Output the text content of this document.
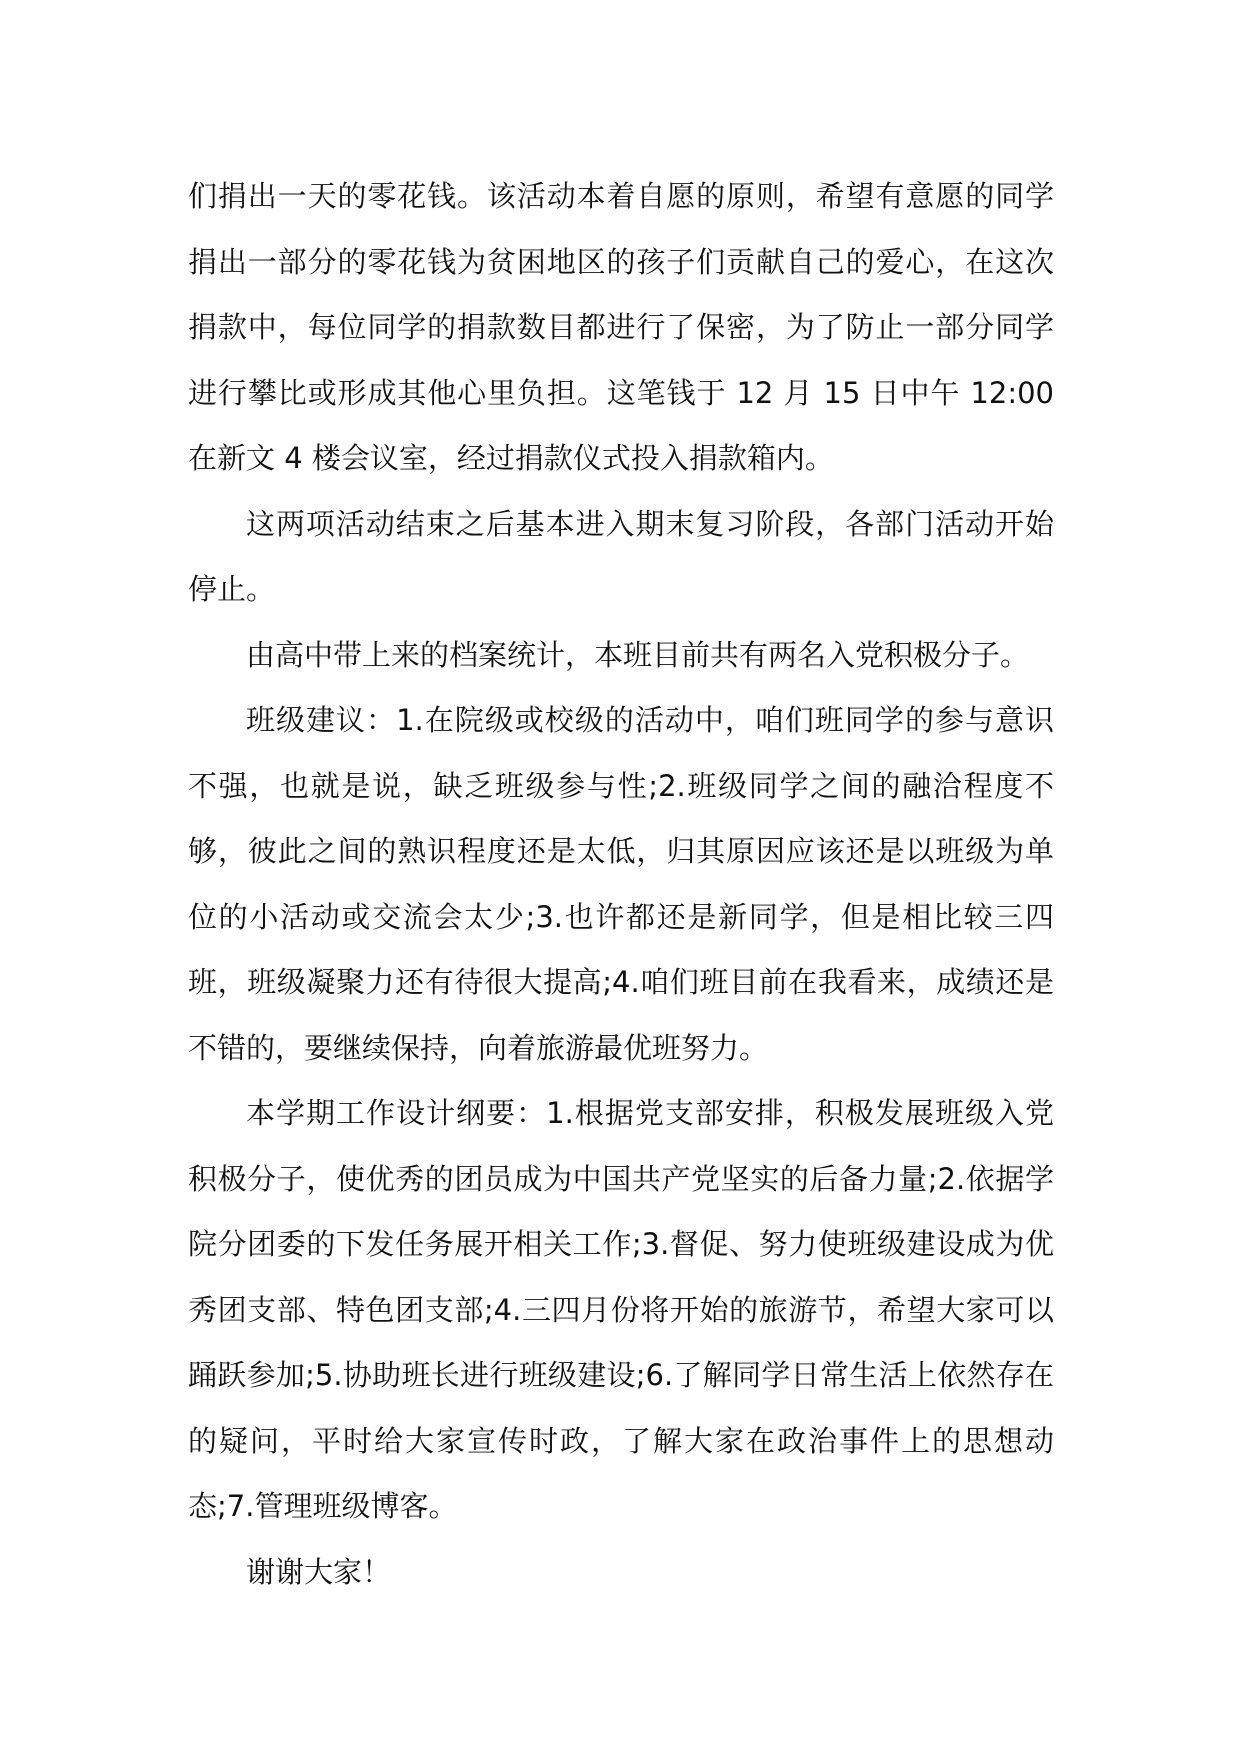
们捐出一天的零花钱。该活动本着自愿的原则，希望有意愿的同学捐出一部分的零花钱为贫困地区的孩子们贡献自己的爱心，在这次捐款中，每位同学的捐款数目都进行了保密，为了防止一部分同学进行攀比或形成其他心里负担。这笔钱于 12 月 15 日中午 12:00 在新文 4 楼会议室，经过捐款仪式投入捐款箱内。

这两项活动结束之后基本进入期末复习阶段，各部门活动开始停止。

由高中带上来的档案统计，本班目前共有两名入党积极分子。

班级建议：1.在院级或校级的活动中，咱们班同学的参与意识不强，也就是说，缺乏班级参与性;2.班级同学之间的融洽程度不够，彼此之间的熟识程度还是太低，归其原因应该还是以班级为单位的小活动或交流会太少;3.也许都还是新同学，但是相比较三四班，班级凝聚力还有待很大提高;4.咱们班目前在我看来，成绩还是不错的，要继续保持，向着旅游最优班努力。

本学期工作设计纲要：1.根据党支部安排，积极发展班级入党积极分子，使优秀的团员成为中国共产党坚实的后备力量;2.依据学院分团委的下发任务展开相关工作;3.督促、努力使班级建设成为优秀团支部、特色团支部;4.三四月份将开始的旅游节，希望大家可以踊跃参加;5.协助班长进行班级建设;6.了解同学日常生活上依然存在的疑问，平时给大家宣传时政，了解大家在政治事件上的思想动态;7.管理班级博客。

谢谢大家！
